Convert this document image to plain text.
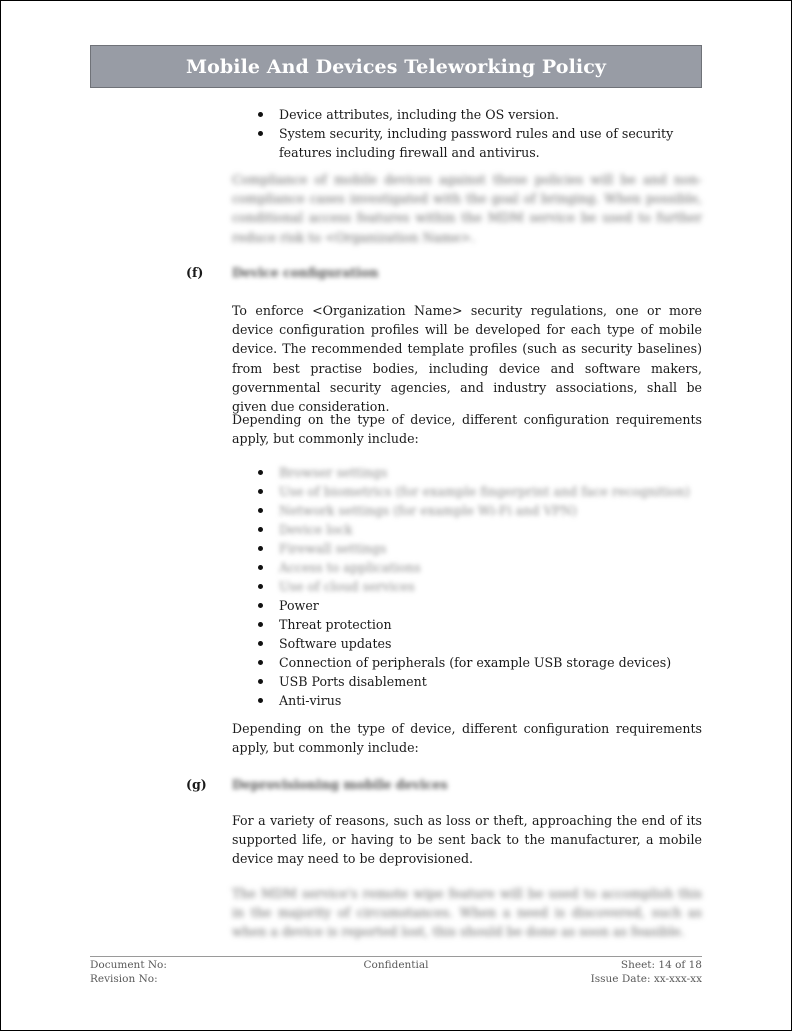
Mobile And Devices Teleworking Policy
Device attributes, including the OS version.
System security, including password rules and use of security features including firewall and antivirus.
Compliance of mobile devices against these policies will be and non-compliance cases investigated with the goal of bringing. When possible, conditional access features within the MDM service be used to further reduce risk to <Organization Name>.
(f) Device configuration
To enforce <Organization Name> security regulations, one or more device configuration profiles will be developed for each type of mobile device. The recommended template profiles (such as security baselines) from best practise bodies, including device and software makers, governmental security agencies, and industry associations, shall be given due consideration.
Depending on the type of device, different configuration requirements apply, but commonly include:
Browser settings
Use of biometrics (for example fingerprint and face recognition)
Network settings (for example Wi-Fi and VPN)
Device lock
Firewall settings
Access to applications
Use of cloud services
Power
Threat protection
Software updates
Connection of peripherals (for example USB storage devices)
USB Ports disablement
Anti-virus
Depending on the type of device, different configuration requirements apply, but commonly include:
(g) Deprovisioning mobile devices
For a variety of reasons, such as loss or theft, approaching the end of its supported life, or having to be sent back to the manufacturer, a mobile device may need to be deprovisioned.
The MDM service's remote wipe feature will be used to accomplish this in the majority of circumstances. When a need is discovered, such as when a device is reported lost, this should be done as soon as feasible.
Document No:
Revision No:
Confidential	Sheet: 14 of 18
Issue Date: xx-xxx-xx
